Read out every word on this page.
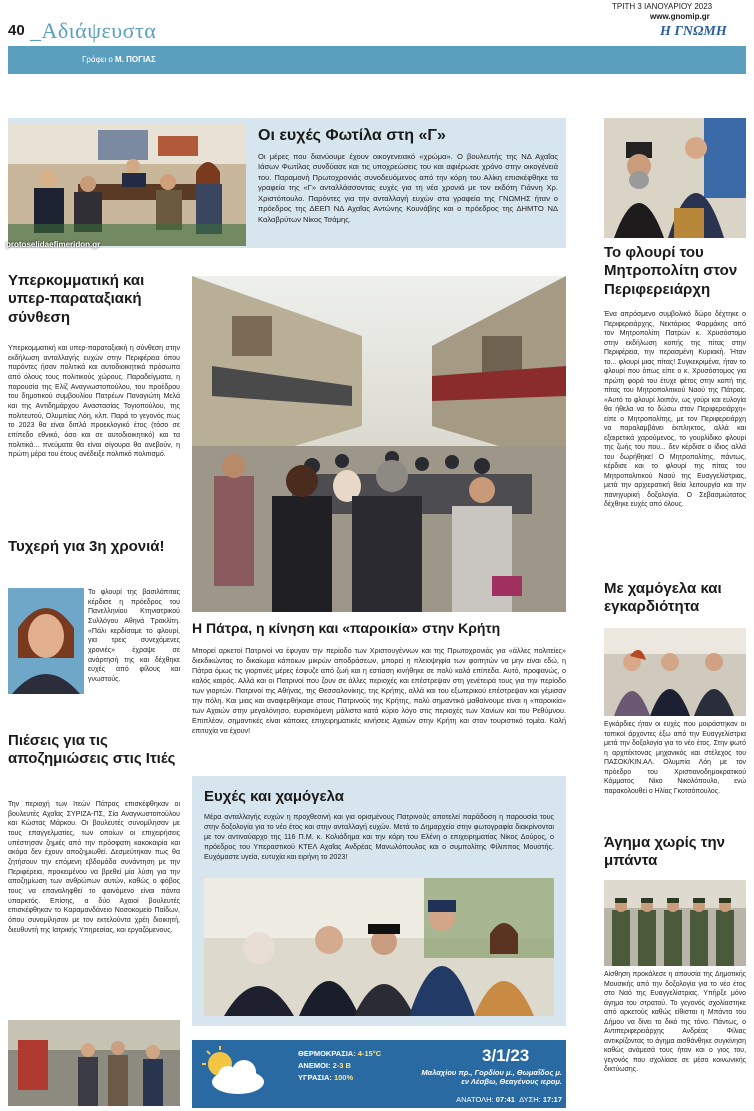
40 _Αδιάψευστα
ΤΡΙΤΗ 3 ΙΑΝΟΥΑΡΙΟΥ 2023
www.gnomip.gr
Η ΓΝΩΜΗ
Γράφει ο Μ. ΠΟΓΙΑΣ
protoselidaefimeridon.gr
Οι ευχές Φωτίλα στη «Γ»
Οι μέρες που διανύουμε έχουν οικογενειακό «χρώμα». Ο βουλευτής της ΝΔ Αχαΐας Ιάσων Φωτίλας συνδύασε και τις υποχρεώσεις του και αφιέρωσε χρόνο στην οικογένειά του. Παραμονή Πρωτοχρονιάς συνοδευόμενος από την κόρη του Αλίκη επισκέφθηκε τα γραφεία της «Γ» ανταλλάσσοντας ευχές για τη νέα χρονιά με τον εκδότη Γιάννη Χρ. Χριστόπουλο. Παρόντες για την ανταλλαγή ευχών στα γραφεία της ΓΝΩΜΗΣ ήταν ο πρόεδρος της ΔΕΕΠ ΝΔ Αχαΐας Αντώνης Κουνάβης και ο πρόεδρος της ΔΗΜΤΟ ΝΔ Καλαβρύτων Νίκος Τσάμης.
Υπερκομματική και υπερ-παραταξιακή σύνθεση
Υπερκομματική και υπερ-παραταξιακή η σύνθεση στην εκδήλωση ανταλλαγής ευχών στην Περιφέρεια όπου παρόντες ήσαν πολιτικά και αυτοδιοικητικά πρόσωπα από όλους τους πολιτικούς χώρους. Παραδείγματα, η παρουσία της Ελίζ Αναγνωστοπούλου, του προέδρου του δημοτικού συμβουλίου Πατρέων Παναγιώτη Μελά και της Αντιδημάρχου Αναστασίας Τογιοπούλου, της πολιτευτού, Ολυμπίας Λόη, κλπ. Παρά το γεγονός πως το 2023 θα είναι διπλά προεκλογικό έτος (τόσο σε επίπεδο εθνικό, όσο και σε αυτοδιοικητικό) και τα πολιτικά... πνεύματα θα είναι σίγουρα θα ανεβούν, η πρώτη μέρα του έτους ανέδειξε πολιτικό πολιτισμό.
Τυχερή για 3η χρονιά!
Το φλουρί της βασιλόπιτας κέρδισε η πρόεδρος του Πανελληνίου Κτηνιατρικού Συλλόγου Αθηνά Τρακλίτη. «Πάλι κερδίσαμε το φλουρί, για τρεις συνεχόμενες χρονιές» έχραψε σε ανάρτησή της και δέχθηκε ευχές από φίλους και γνωστούς.
Πιέσεις για τις αποζημιώσεις στις Ιτιές
Την περιοχή των Ιτεών Πάτρας επισκέφθηκαν οι βουλευτές Αχαΐας ΣΥΡΙΖΑ-ΠΣ, Σία Αναγνωστοπούλου και Κώστας Μάρκου. Οι βουλευτές συνομίλησαν με τους επαγγελματίες, των οποίων οι επιχειρήσεις υπέστησαν ζημιές από την πρόσφατη κακοκαιρία και ακόμα δεν έχουν αποζημιωθεί. Δεσμεύτηκαν πως θα ζητήσουν την επόμενη εβδομάδα συνάντηση με την Περιφέρεια, προκειμένου να βρεθεί μία λύση για την αποζημίωση των ανθρώπων αυτών, καθώς ο φόβος τους να επαναληφθεί το φαινόμενο είναι πάντα υπαρκτός. Επίσης, α δύο Αχαιοί βουλευτές επισκέφθηκαν το Καραμανδάνειο Νοσοκομείο Παίδων, όπου συνομίλησαν με τον εκτελούντα χρέη διοικητή, διευθυντή της Ιατρικής Υπηρεσίας, και εργαζόμενους.
Η Πάτρα, η κίνηση και «παροικία» στην Κρήτη
Μπορεί αρκετοί Πατρινοί να έφυγαν την περίοδο των Χριστουγέννων και της Πρωτοχρονιάς για «άλλες πολιτείες» διεκδικώντας το δικαίωμα κάποιων μικρών αποδράσεων, μπορεί η πλειοψηφία των φοιτητών να μην είναι εδώ, η Πάτρα όμως τις γιορτινές μέρες έσφυζε από ζωή και η εστίαση κινήθηκε σε πολύ καλά επίπεδα. Αυτό, προφανώς, ο καλός καιρός. Αλλά και οι Πατρινοί που ζουν σε άλλες περιοχές και επέστρεψαν στη γενέτειρά τους για την περίοδο των γιορτών. Πατρινοί της Αθήνας, της Θεσσαλονίκης, της Κρήτης, αλλά και του εξωτερικού επέστρεψαν και γέμισαν την πόλη. Και μιας και αναφερθήκαμε στους Πατρινούς της Κρήτης, πολύ σημαντικό μαθαίνουμε είναι η «παροικία» των Αχαιών στην μεγαλόνησο, ευρισκόμενη μάλιστα κατά κύριο λόγο στις περιοχές των Χανίων και του Ρεθύμνου. Επιπλέον, σημαντικές είναι κάποιες επιχειρηματικές κινήσεις Αχαιών στην Κρήτη και στον τουριστικό τομέα. Καλή επιτυχία να έχουν!
Ευχές και χαμόγελα
Μέρα ανταλλαγής ευχών η προχθεσινή και για ορισμένους Πατρινούς αποτελεί παράδοση η παρουσία τους στην δοξολογία για το νέο έτος και στην ανταλλαγή ευχών. Μετά το Δημαρχείο στην φωτογραφία διακρίνονται με τον αντιναύαρχο της 116 Π.Μ. κ. Κολιάδημα και την κόρη του Ελένη ο επιχειρηματίας Νίκος Δούρος, ο πρόεδρος του Υπεραστικού ΚΤΕΛ Αχαΐας Ανδρέας Μανωλόπουλος και ο συμπολίτης Φίλιππος Μουστής. Ευχόμαστε υγεία, ευτυχία και ειρήνη το 2023!
ΘΕΡΜΟΚΡΑΣΙΑ: 4-15°C
ΑΝΕΜΟΙ: 2-3 B
ΥΓΡΑΣΙΑ: 100%
3/1/23
Μαλαχίου πρ., Γορδίου μ., Θωμαΐδος μ. εν Λέσβω, Θεαγένους ιερομ.
ΑΝΑΤΟΛΗ: 07:41 ΔΥΣΗ: 17:17
Το φλουρί του Μητροπολίτη στον Περιφερειάρχη
Ένα απρόσμενο συμβολικό δώρο δέχτηκε ο Περιφερειάρχης, Νεκτάριος Φαρμάκης από τον Μητροπολίτη Πατρών κ. Χρυσόστομο στην εκδήλωση κοπής της πίτας στην Περιφέρεια, την περασμένη Κυριακή. Ήταν το... φλουρί μιας πίτας! Συγκεκριμένα, ήταν το φλουρί που όπως είπε ο κ. Χρυσόστομος για πρώτη φορά του έτυχε φέτος στην κοπή της πίτας του Μητροπολιτικού Ναού της Πάτρας. «Αυτό το φλουρί λοιπόν, ως γούρι και ευλογία θα ήθελα να το δώσω στον Περιφερειάρχη» είπε ο Μητροπολίτης, με τον Περιφερειάρχη να παραλαμβάνει έκπληκτος, αλλά και εξαιρετικά χαρούμενος, το γουρλίδικο φλουρί της ζωής του που... δεν κέρδισε ο ίδιος αλλά του δωρήθηκε! Ο Μητροπολίτης, πάντως, κέρδισε και το φλουρί της πίτας του Μητροπολιτικού Ναού της Ευαγγελίστριας, μετά την αρχιερατική θεία λειτουργία και την πανηγυρική δοξολογία. Ο Σεβασμιώτατος δέχθηκε ευχές από όλους.
Με χαμόγελα και εγκαρδιότητα
Εγκάρδιες ήταν οι ευχές που μοιράστηκαν οι τοπικοί άρχοντες έξω από την Ευαγγελίστρια μετά την δοξολογία για το νέο έτος. Στην φωτό η αρχιτέκτονας μηχανικός και στέλεχος του ΠΑΣΟΚ/ΚΙΝ.ΑΛ. Ολυμπία Λόη με τον πρόεδρο του Χριστιανοδημοκρατικού Κόμματος Νίκο Νικολόπουλο, ενώ παρακολουθεί ο Ηλίας Γκοτσόπουλος.
Άγημα χωρίς την μπάντα
Αίσθηση προκάλεσε η απουσία της Δημοτικής Μουσικής από την δοξολογία για το νέο έτος στο Ναό της Ευαγγελίστριας. Υπήρξε μόνο άγημα του στρατού. Το γεγονός σχολίαστηκε από αρκετούς καθώς είθισται η Μπάντα του Δήμου να δίνει το δικό της τόνο. Πάντως, ο Αντιπεριφερειάρχης Ανδρέας Φίλιας αντικρίζοντας το άγημα αισθάνθηκε συγκίνηση καθώς ανάμεσά τους ήταν και ο γιος του, γεγονός που σχολίασε σε μέσο κοινωνικής δικτύωσης.
